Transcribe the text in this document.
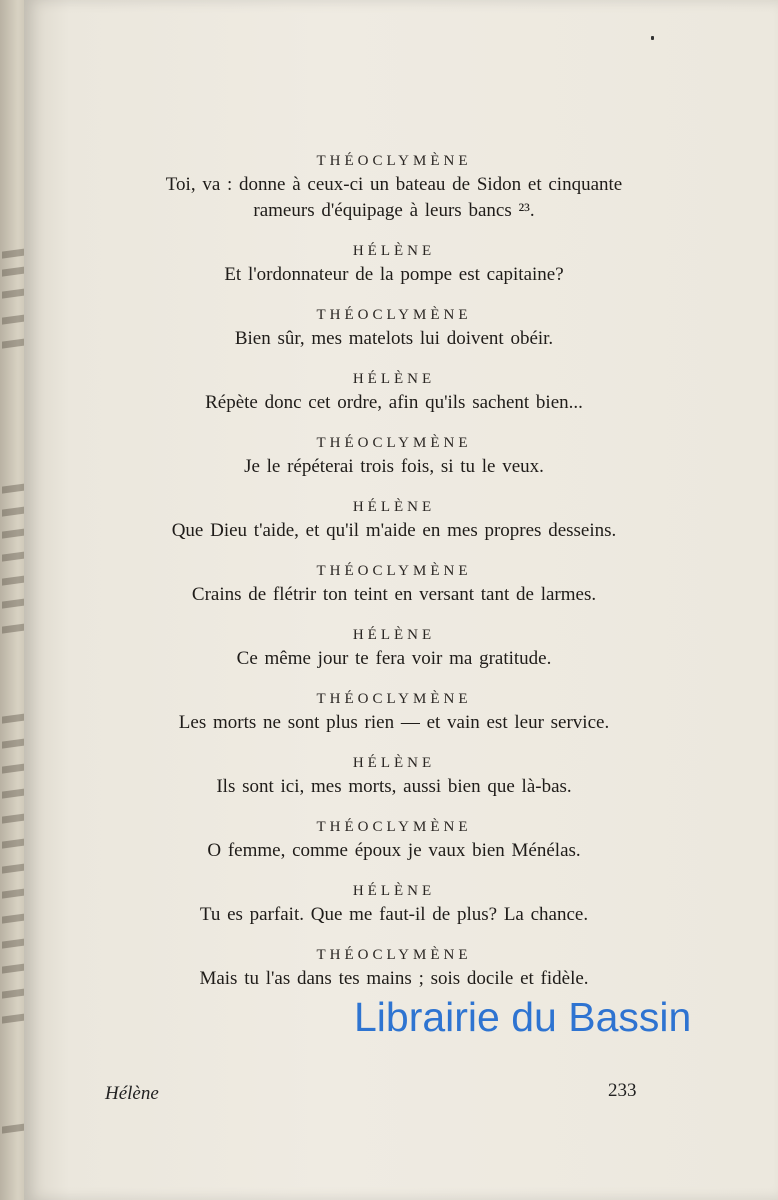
THÉOCLYMÈNE
Toi, va : donne à ceux-ci un bateau de Sidon et cinquante
rameurs d'équipage à leurs bancs ²³.
HÉLÈNE
Et l'ordonnateur de la pompe est capitaine?
THÉOCLYMÈNE
Bien sûr, mes matelots lui doivent obéir.
HÉLÈNE
Répète donc cet ordre, afin qu'ils sachent bien...
THÉOCLYMÈNE
Je le répéterai trois fois, si tu le veux.
HÉLÈNE
Que Dieu t'aide, et qu'il m'aide en mes propres desseins.
THÉOCLYMÈNE
Crains de flétrir ton teint en versant tant de larmes.
HÉLÈNE
Ce même jour te fera voir ma gratitude.
THÉOCLYMÈNE
Les morts ne sont plus rien — et vain est leur service.
HÉLÈNE
Ils sont ici, mes morts, aussi bien que là-bas.
THÉOCLYMÈNE
O femme, comme époux je vaux bien Ménélas.
HÉLÈNE
Tu es parfait. Que me faut-il de plus? La chance.
THÉOCLYMÈNE
Mais tu l'as dans tes mains ; sois docile et fidèle.
Hélène	233
Librairie du Bassin
